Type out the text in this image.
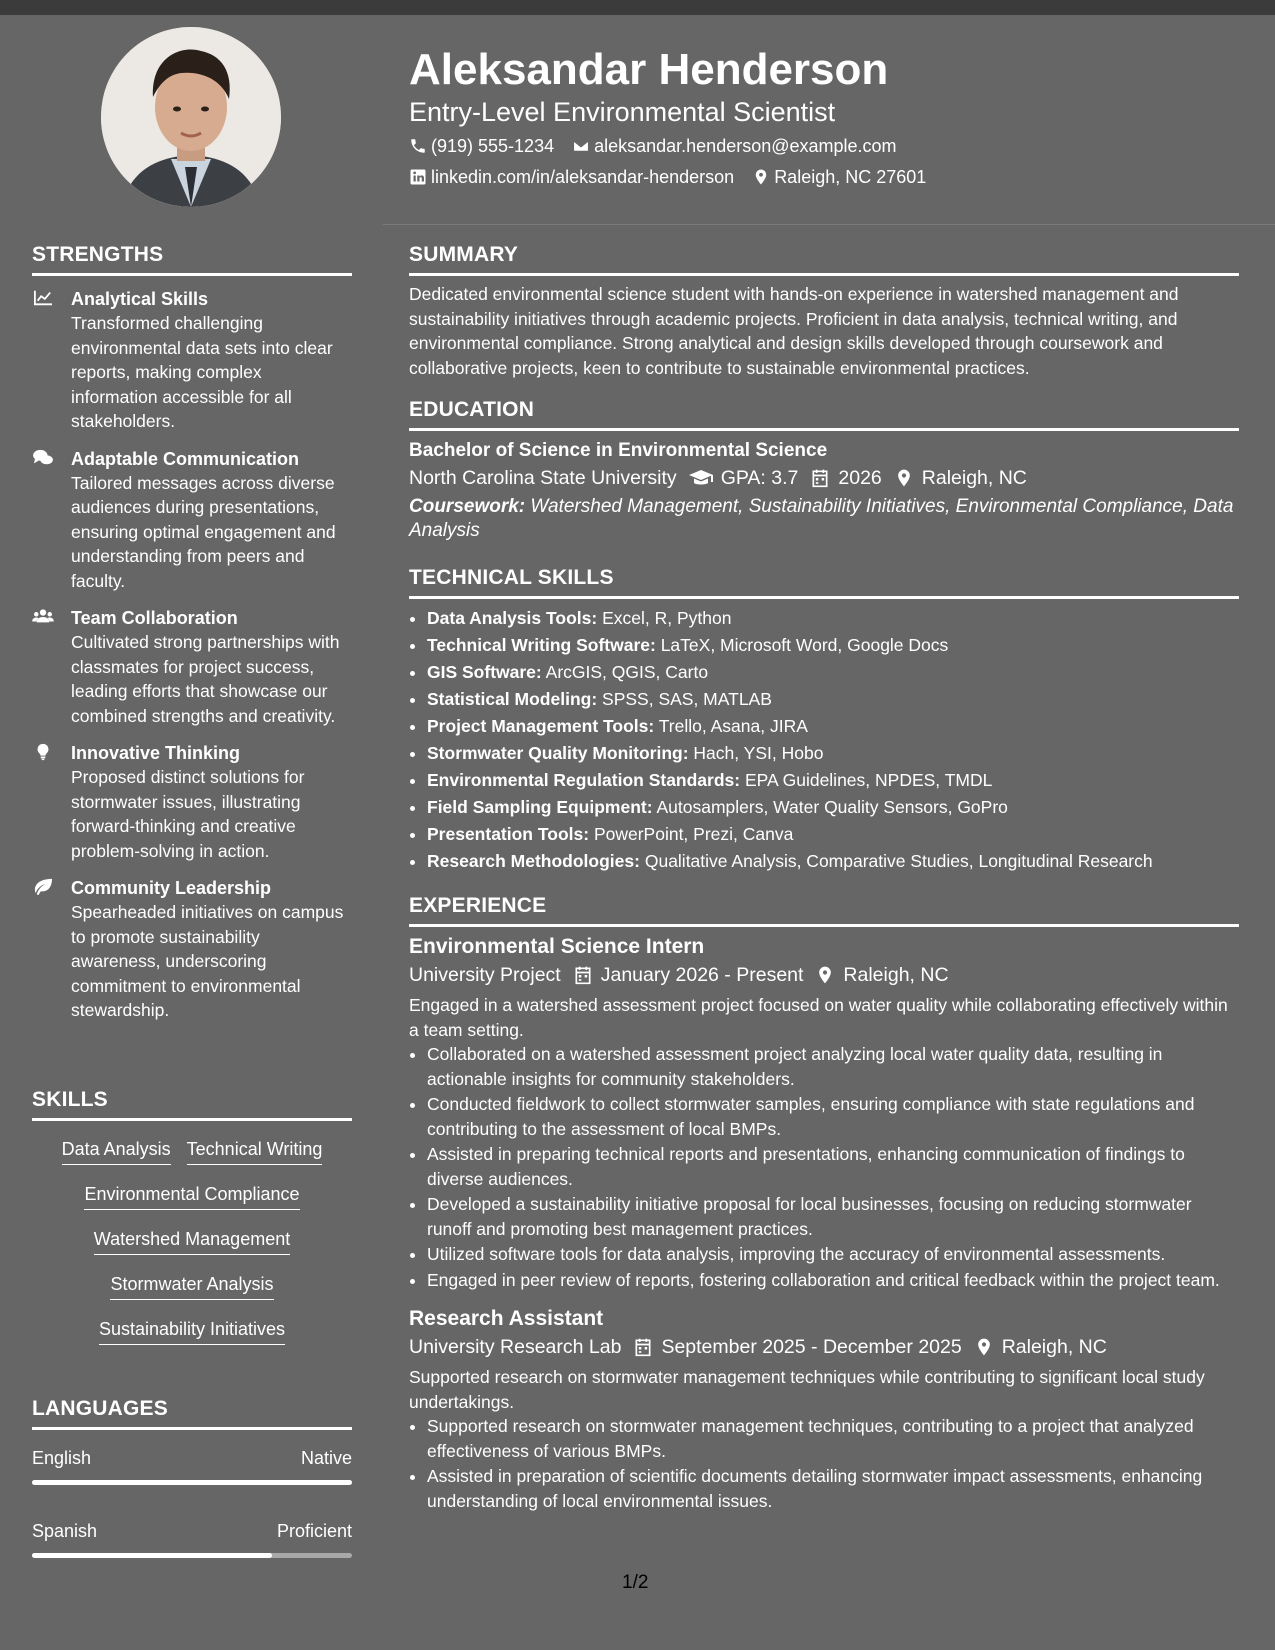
Aleksandar Henderson
Entry-Level Environmental Scientist
(919) 555-1234 aleksandar.henderson@example.com
linkedin.com/in/aleksandar-henderson Raleigh, NC 27601
STRENGTHS
Analytical Skills
Transformed challenging environmental data sets into clear reports, making complex information accessible for all stakeholders.
Adaptable Communication
Tailored messages across diverse audiences during presentations, ensuring optimal engagement and understanding from peers and faculty.
Team Collaboration
Cultivated strong partnerships with classmates for project success, leading efforts that showcase our combined strengths and creativity.
Innovative Thinking
Proposed distinct solutions for stormwater issues, illustrating forward-thinking and creative problem-solving in action.
Community Leadership
Spearheaded initiatives on campus to promote sustainability awareness, underscoring commitment to environmental stewardship.
SKILLS
Data Analysis Technical Writing
Environmental Compliance
Watershed Management
Stormwater Analysis
Sustainability Initiatives
LANGUAGES
English	Native
Spanish	Proficient
SUMMARY
Dedicated environmental science student with hands-on experience in watershed management and sustainability initiatives through academic projects. Proficient in data analysis, technical writing, and environmental compliance. Strong analytical and design skills developed through coursework and collaborative projects, keen to contribute to sustainable environmental practices.
EDUCATION
Bachelor of Science in Environmental Science
North Carolina State University GPA: 3.7 2026 Raleigh, NC
Coursework: Watershed Management, Sustainability Initiatives, Environmental Compliance, Data Analysis
TECHNICAL SKILLS
• Data Analysis Tools: Excel, R, Python
• Technical Writing Software: LaTeX, Microsoft Word, Google Docs
• GIS Software: ArcGIS, QGIS, Carto
• Statistical Modeling: SPSS, SAS, MATLAB
• Project Management Tools: Trello, Asana, JIRA
• Stormwater Quality Monitoring: Hach, YSI, Hobo
• Environmental Regulation Standards: EPA Guidelines, NPDES, TMDL
• Field Sampling Equipment: Autosamplers, Water Quality Sensors, GoPro
• Presentation Tools: PowerPoint, Prezi, Canva
• Research Methodologies: Qualitative Analysis, Comparative Studies, Longitudinal Research
EXPERIENCE
Environmental Science Intern
University Project January 2026 - Present Raleigh, NC
Engaged in a watershed assessment project focused on water quality while collaborating effectively within a team setting.
• Collaborated on a watershed assessment project analyzing local water quality data, resulting in actionable insights for community stakeholders.
• Conducted fieldwork to collect stormwater samples, ensuring compliance with state regulations and contributing to the assessment of local BMPs.
• Assisted in preparing technical reports and presentations, enhancing communication of findings to diverse audiences.
• Developed a sustainability initiative proposal for local businesses, focusing on reducing stormwater runoff and promoting best management practices.
• Utilized software tools for data analysis, improving the accuracy of environmental assessments.
• Engaged in peer review of reports, fostering collaboration and critical feedback within the project team.
Research Assistant
University Research Lab September 2025 - December 2025 Raleigh, NC
Supported research on stormwater management techniques while contributing to significant local study undertakings.
• Supported research on stormwater management techniques, contributing to a project that analyzed effectiveness of various BMPs.
• Assisted in preparation of scientific documents detailing stormwater impact assessments, enhancing understanding of local environmental issues.
1/2
